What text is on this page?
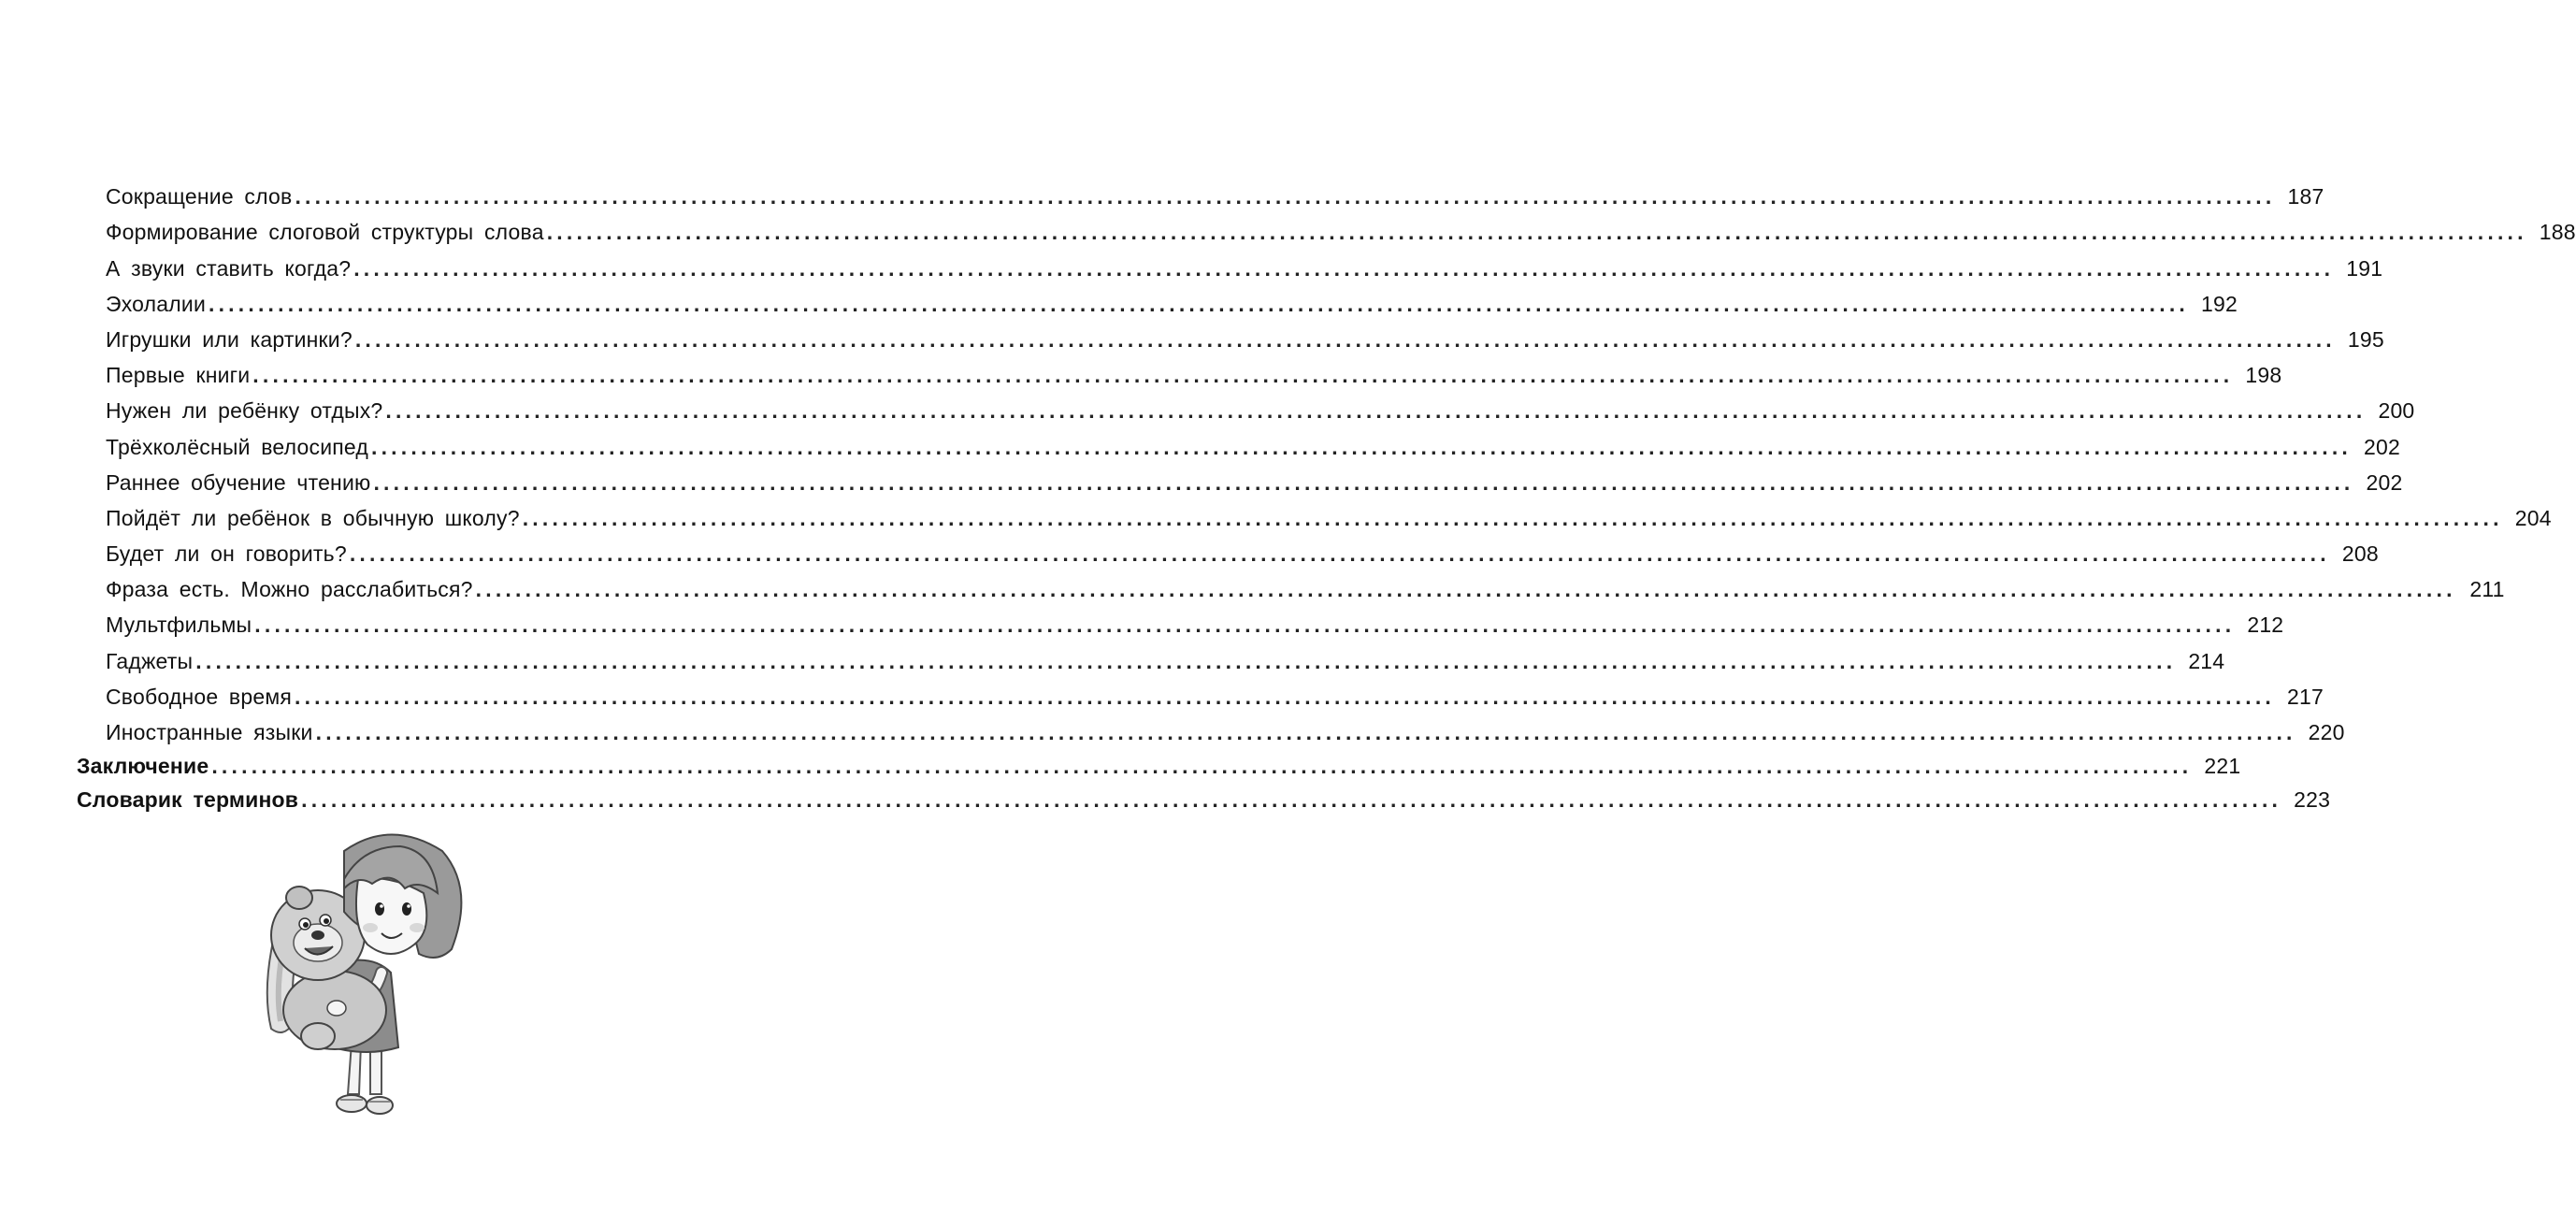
Сокращение слов ........................................................................................................................................................................................................ 187
Формирование слоговой структуры слова ........................................................................................................................................................................................................ 188
А звуки ставить когда? ........................................................................................................................................................................................................ 191
Эхолалии ........................................................................................................................................................................................................ 192
Игрушки или картинки? ........................................................................................................................................................................................................ 195
Первые книги ........................................................................................................................................................................................................ 198
Нужен ли ребёнку отдых? ........................................................................................................................................................................................................ 200
Трёхколёсный велосипед ........................................................................................................................................................................................................ 202
Раннее обучение чтению ........................................................................................................................................................................................................ 202
Пойдёт ли ребёнок в обычную школу? ........................................................................................................................................................................................................ 204
Будет ли он говорить? ........................................................................................................................................................................................................ 208
Фраза есть. Можно расслабиться? ........................................................................................................................................................................................................ 211
Мультфильмы ........................................................................................................................................................................................................ 212
Гаджеты ........................................................................................................................................................................................................ 214
Свободное время ........................................................................................................................................................................................................ 217
Иностранные языки ........................................................................................................................................................................................................ 220
Заключение ........................................................................................................................................................................................................ 221
Словарик терминов ........................................................................................................................................................................................................ 223
